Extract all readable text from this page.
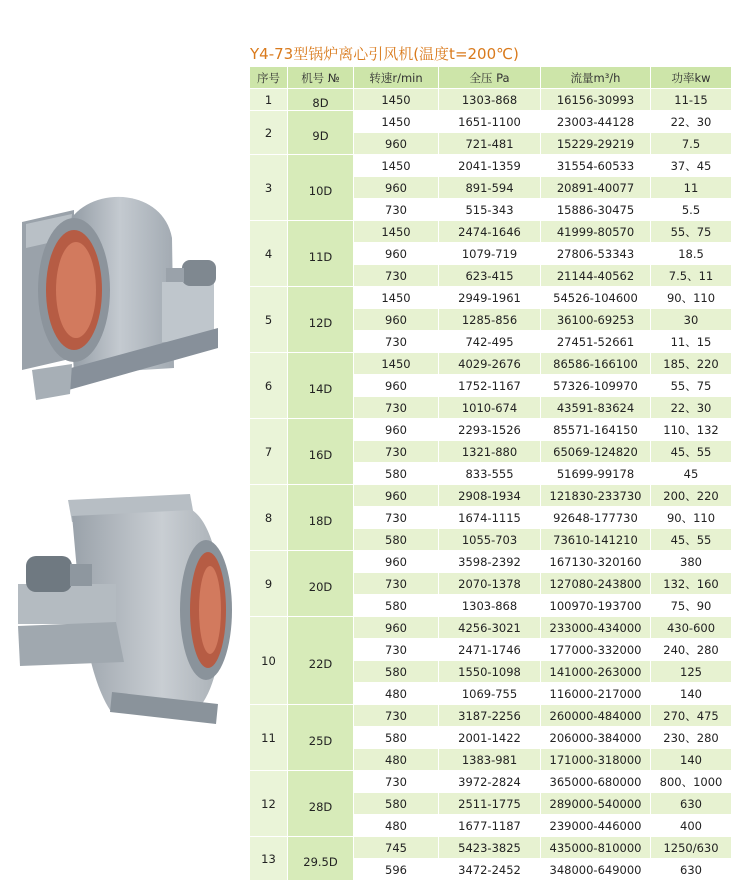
Y4-73型锅炉离心引风机(温度t=200℃)
序号	机号 №	转速r/min	全压 Pa	流量m³/h	功率kw
1	8D	1450	1303-868	16156-30993	11-15
2	9D	1450	1651-1100	23003-44128	22、30
		960	721-481	15229-29219	7.5
3	10D	1450	2041-1359	31554-60533	37、45
		960	891-594	20891-40077	11
		730	515-343	15886-30475	5.5
4	11D	1450	2474-1646	41999-80570	55、75
		960	1079-719	27806-53343	18.5
		730	623-415	21144-40562	7.5、11
5	12D	1450	2949-1961	54526-104600	90、110
		960	1285-856	36100-69253	30
		730	742-495	27451-52661	11、15
6	14D	1450	4029-2676	86586-166100	185、220
		960	1752-1167	57326-109970	55、75
		730	1010-674	43591-83624	22、30
7	16D	960	2293-1526	85571-164150	110、132
		730	1321-880	65069-124820	45、55
		580	833-555	51699-99178	45
8	18D	960	2908-1934	121830-233730	200、220
		730	1674-1115	92648-177730	90、110
		580	1055-703	73610-141210	45、55
9	20D	960	3598-2392	167130-320160	380
		730	2070-1378	127080-243800	132、160
		580	1303-868	100970-193700	75、90
10	22D	960	4256-3021	233000-434000	430-600
		730	2471-1746	177000-332000	240、280
		580	1550-1098	141000-263000	125
		480	1069-755	116000-217000	140
11	25D	730	3187-2256	260000-484000	270、475
		580	2001-1422	206000-384000	230、280
		480	1383-981	171000-318000	140
12	28D	730	3972-2824	365000-680000	800、1000
		580	2511-1775	289000-540000	630
		480	1677-1187	239000-446000	400
13	29.5D	745	5423-3825	435000-810000	1250/630
		596	3472-2452	348000-649000	630
